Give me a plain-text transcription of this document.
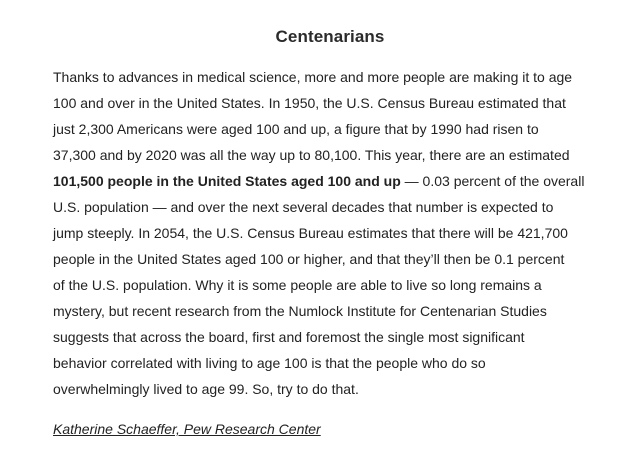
Centenarians
Thanks to advances in medical science, more and more people are making it to age
100 and over in the United States. In 1950, the U.S. Census Bureau estimated that
just 2,300 Americans were aged 100 and up, a figure that by 1990 had risen to
37,300 and by 2020 was all the way up to 80,100. This year, there are an estimated
101,500 people in the United States aged 100 and up — 0.03 percent of the overall
U.S. population — and over the next several decades that number is expected to
jump steeply. In 2054, the U.S. Census Bureau estimates that there will be 421,700
people in the United States aged 100 or higher, and that they’ll then be 0.1 percent
of the U.S. population. Why it is some people are able to live so long remains a
mystery, but recent research from the Numlock Institute for Centenarian Studies
suggests that across the board, first and foremost the single most significant
behavior correlated with living to age 100 is that the people who do so
overwhelmingly lived to age 99. So, try to do that.
Katherine Schaeffer, Pew Research Center
